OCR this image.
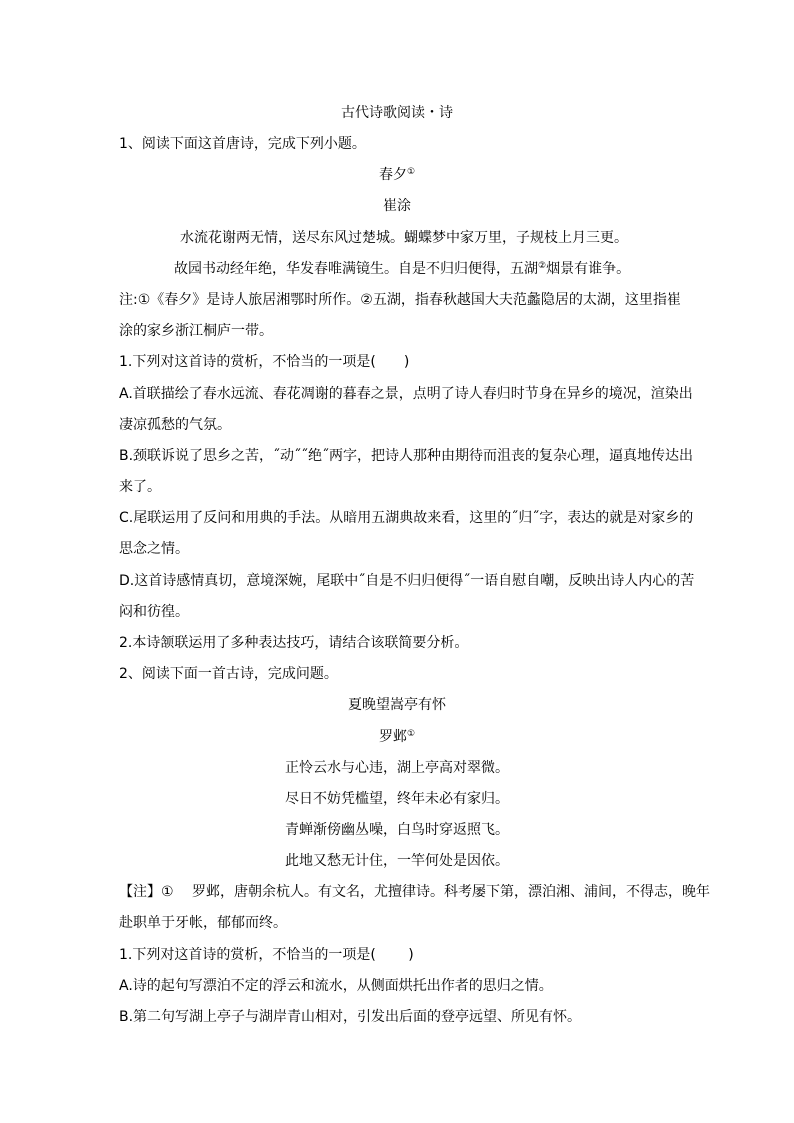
古代诗歌阅读・诗
1、阅读下面这首唐诗，完成下列小题。
春夕①
崔涂
水流花谢两无情，送尽东风过楚城。蝴蝶梦中家万里，子规枝上月三更。
故园书动经年绝，华发春唯满镜生。自是不归归便得，五湖②烟景有谁争。
注:①《春夕》是诗人旅居湘鄂时所作。②五湖，指春秋越国大夫范蠡隐居的太湖，这里指崔
涂的家乡浙江桐庐一带。
1.下列对这首诗的赏析，不恰当的一项是(　　)
A.首联描绘了春水远流、春花凋谢的暮春之景，点明了诗人春归时节身在异乡的境况，渲染出
凄凉孤愁的气氛。
B.颈联诉说了思乡之苦，˝动˝˝绝˝两字，把诗人那种由期待而沮丧的复杂心理，逼真地传达出
来了。
C.尾联运用了反问和用典的手法。从暗用五湖典故来看，这里的˝归˝字，表达的就是对家乡的
思念之情。
D.这首诗感情真切，意境深婉，尾联中˝自是不归归便得˝一语自慰自嘲，反映出诗人内心的苦
闷和彷徨。
2.本诗颔联运用了多种表达技巧，请结合该联简要分析。
2、阅读下面一首古诗，完成问题。
夏晚望嵩亭有怀
罗邺①
正怜云水与心违，湖上亭高对翠微。
尽日不妨凭槛望，终年未必有家归。
青蝉渐傍幽丛噪，白鸟时穿返照飞。
此地又愁无计住，一竿何处是因依。
【注】①　 罗邺，唐朝余杭人。有文名，尤擅律诗。科考屡下第，漂泊湘、浦间，不得志，晚年
赴职单于牙帐，郁郁而终。
1.下列对这首诗的赏析，不恰当的一项是(　　 )
A.诗的起句写漂泊不定的浮云和流水，从侧面烘托出作者的思归之情。
B.第二句写湖上亭子与湖岸青山相对，引发出后面的登亭远望、所见有怀。
